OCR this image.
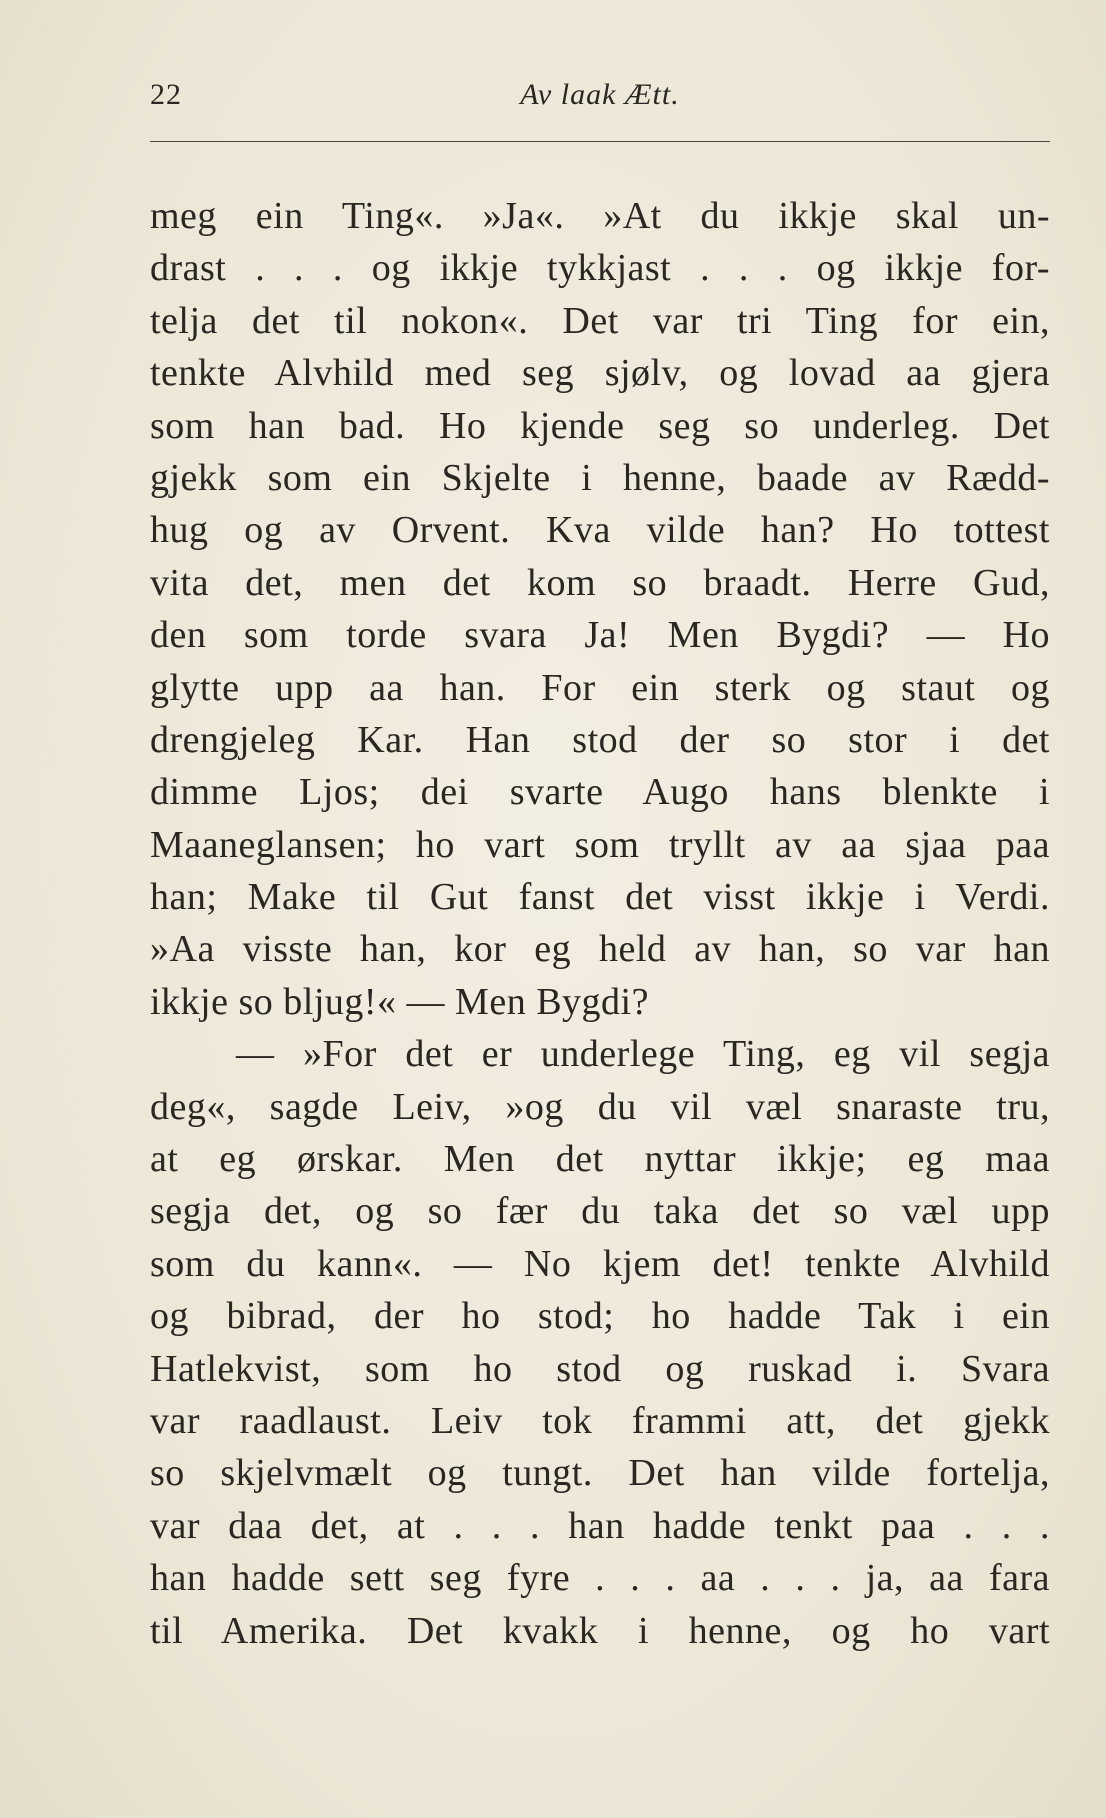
Av laak Ætt.
22
meg ein Ting«. »Ja«. »At du ikkje skal un-
drast . . . og ikkje tykkjast . . . og ikkje for-
telja det til nokon«. Det var tri Ting for ein,
tenkte Alvhild med seg sjølv, og lovad aa gjera
som han bad. Ho kjende seg so underleg. Det
gjekk som ein Skjelte i henne, baade av Rædd-
hug og av Orvent. Kva vilde han? Ho tottest
vita det, men det kom so braadt. Herre Gud,
den som torde svara Ja! Men Bygdi? — Ho
glytte upp aa han. For ein sterk og staut og
drengjeleg Kar. Han stod der so stor i det
dimme Ljos; dei svarte Augo hans blenkte i
Maaneglansen; ho vart som tryllt av aa sjaa paa
han; Make til Gut fanst det visst ikkje i Verdi.
»Aa visste han, kor eg held av han, so var han
ikkje so bljug!« — Men Bygdi?
— »For det er underlege Ting, eg vil segja
deg«, sagde Leiv, »og du vil væl snaraste tru,
at eg ørskar. Men det nyttar ikkje; eg maa
segja det, og so fær du taka det so væl upp
som du kann«. — No kjem det! tenkte Alvhild
og bibrad, der ho stod; ho hadde Tak i ein
Hatlekvist, som ho stod og ruskad i. Svara
var raadlaust. Leiv tok frammi att, det gjekk
so skjelvmælt og tungt. Det han vilde fortelja,
var daa det, at . . . han hadde tenkt paa . . .
han hadde sett seg fyre . . . aa . . . ja, aa fara
til Amerika. Det kvakk i henne, og ho vart
